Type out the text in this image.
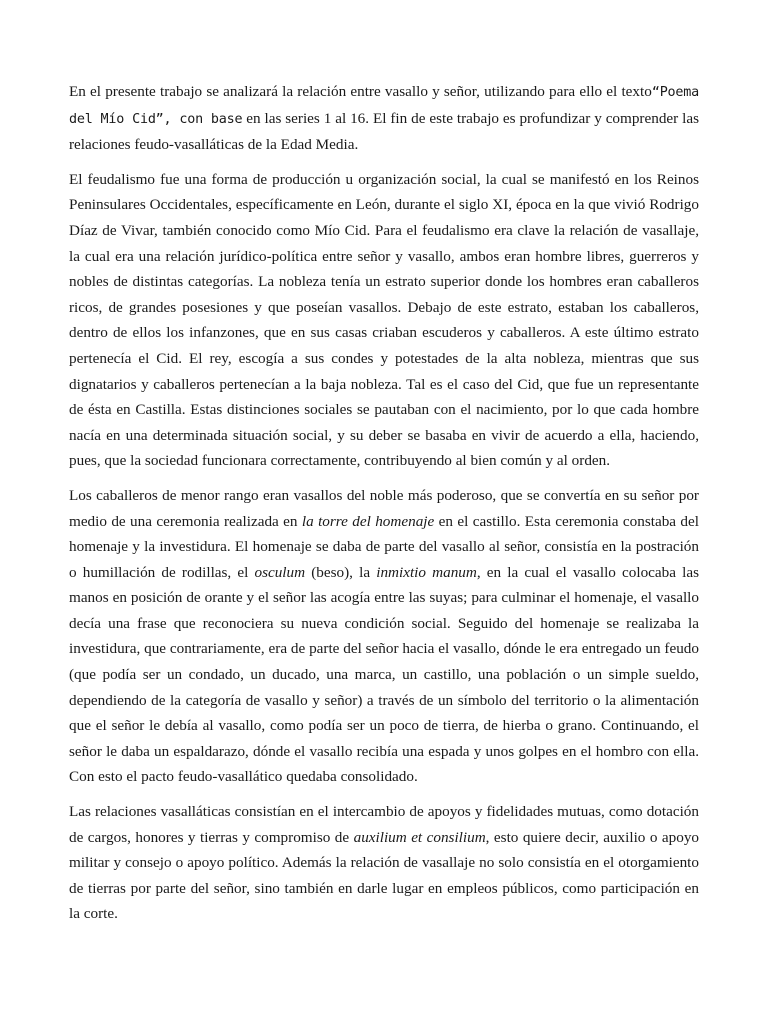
En el presente trabajo se analizará la relación entre vasallo y señor, utilizando para ello el texto“Poema del Mío Cid”, con base en las series 1 al 16. El fin de este trabajo es profundizar y comprender las relaciones feudo-vasalláticas de la Edad Media.

El feudalismo fue una forma de producción u organización social, la cual se manifestó en los Reinos Peninsulares Occidentales, específicamente en León, durante el siglo XI, época en la que vivió Rodrigo Díaz de Vivar, también conocido como Mío Cid. Para el feudalismo era clave la relación de vasallaje, la cual era una relación jurídico-política entre señor y vasallo, ambos eran hombre libres, guerreros y nobles de distintas categorías. La nobleza tenía un estrato superior donde los hombres eran caballeros ricos, de grandes posesiones y que poseían vasallos. Debajo de este estrato, estaban los caballeros, dentro de ellos los infanzones, que en sus casas criaban escuderos y caballeros. A este último estrato pertenecía el Cid. El rey, escogía a sus condes y potestades de la alta nobleza, mientras que sus dignatarios y caballeros pertenecían a la baja nobleza. Tal es el caso del Cid, que fue un representante de ésta en Castilla. Estas distinciones sociales se pautaban con el nacimiento, por lo que cada hombre nacía en una determinada situación social, y su deber se basaba en vivir de acuerdo a ella, haciendo, pues, que la sociedad funcionara correctamente, contribuyendo al bien común y al orden.

Los caballeros de menor rango eran vasallos del noble más poderoso, que se convertía en su señor por medio de una ceremonia realizada en la torre del homenaje en el castillo. Esta ceremonia constaba del homenaje y la investidura. El homenaje se daba de parte del vasallo al señor, consistía en la postración o humillación de rodillas, el osculum (beso), la inmixtio manum, en la cual el vasallo colocaba las manos en posición de orante y el señor las acogía entre las suyas; para culminar el homenaje, el vasallo decía una frase que reconociera su nueva condición social. Seguido del homenaje se realizaba la investidura, que contrariamente, era de parte del señor hacia el vasallo, dónde le era entregado un feudo (que podía ser un condado, un ducado, una marca, un castillo, una población o un simple sueldo, dependiendo de la categoría de vasallo y señor) a través de un símbolo del territorio o la alimentación que el señor le debía al vasallo, como podía ser un poco de tierra, de hierba o grano. Continuando, el señor le daba un espaldarazo, dónde el vasallo recibía una espada y unos golpes en el hombro con ella. Con esto el pacto feudo-vasallático quedaba consolidado.

Las relaciones vasalláticas consistían en el intercambio de apoyos y fidelidades mutuas, como dotación de cargos, honores y tierras y compromiso de auxilium et consilium, esto quiere decir, auxilio o apoyo militar y consejo o apoyo político. Además la relación de vasallaje no solo consistía en el otorgamiento de tierras por parte del señor, sino también en darle lugar en empleos públicos, como participación en la corte.
